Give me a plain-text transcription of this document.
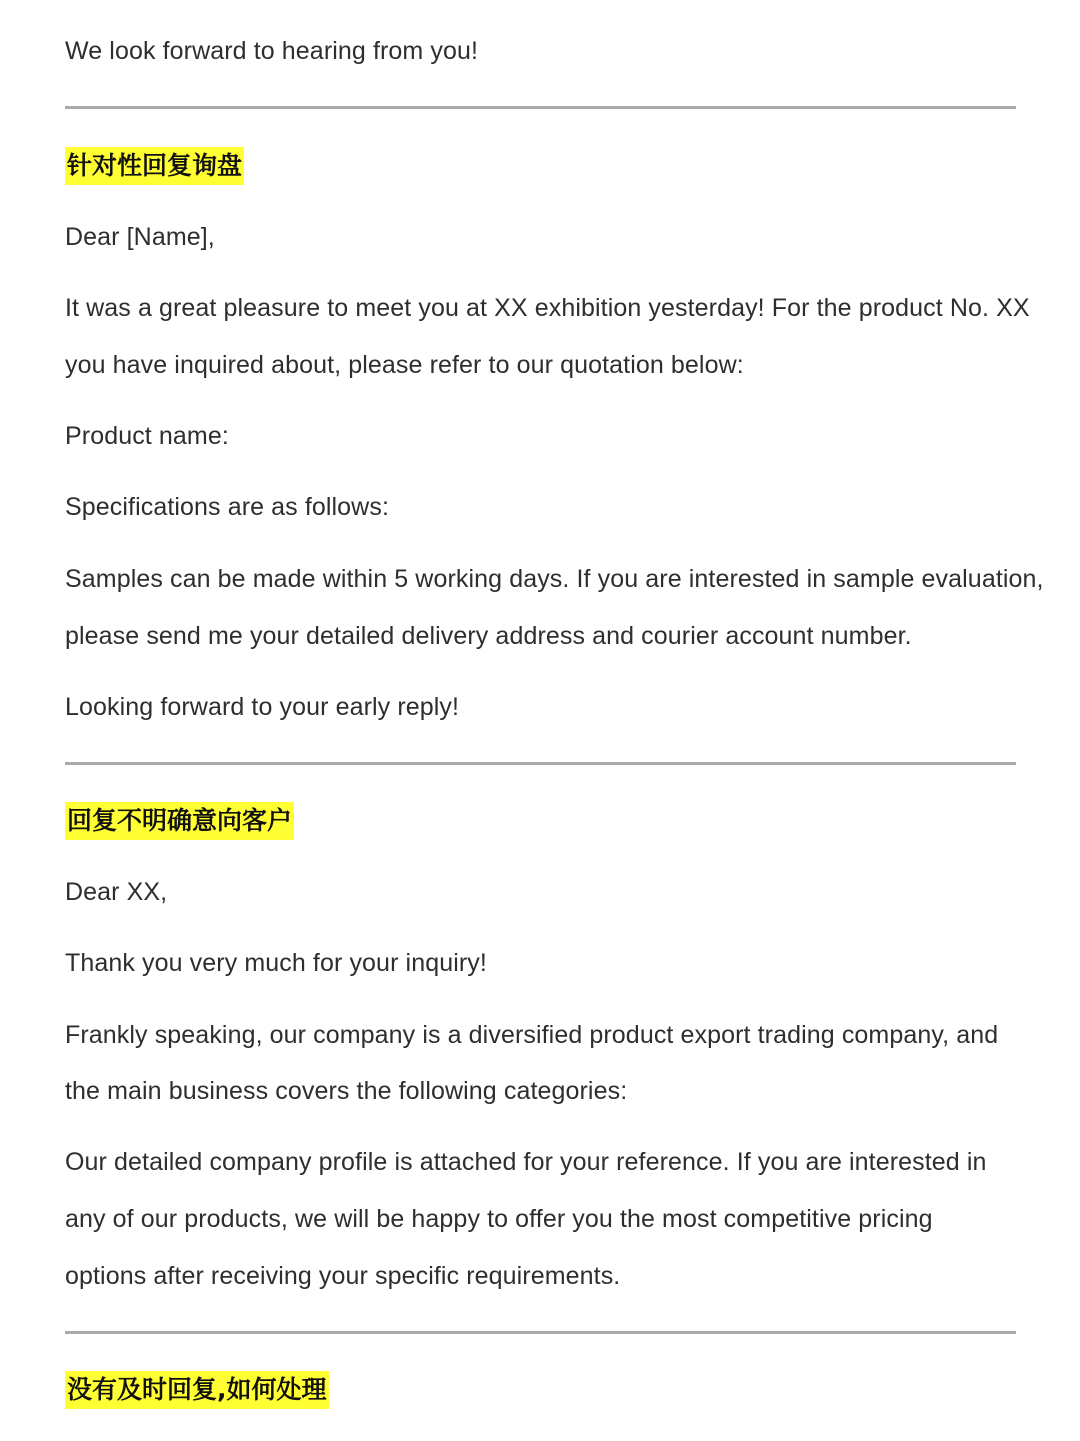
We look forward to hearing from you!
针对性回复询盘
Dear [Name],
It was a great pleasure to meet you at XX exhibition yesterday! For the product No. XX
you have inquired about, please refer to our quotation below:
Product name:
Specifications are as follows:
Samples can be made within 5 working days. If you are interested in sample evaluation,
please send me your detailed delivery address and courier account number.
Looking forward to your early reply!
回复不明确意向客户
Dear XX,
Thank you very much for your inquiry!
Frankly speaking, our company is a diversified product export trading company, and
the main business covers the following categories:
Our detailed company profile is attached for your reference. If you are interested in
any of our products, we will be happy to offer you the most competitive pricing
options after receiving your specific requirements.
没有及时回复,如何处理
